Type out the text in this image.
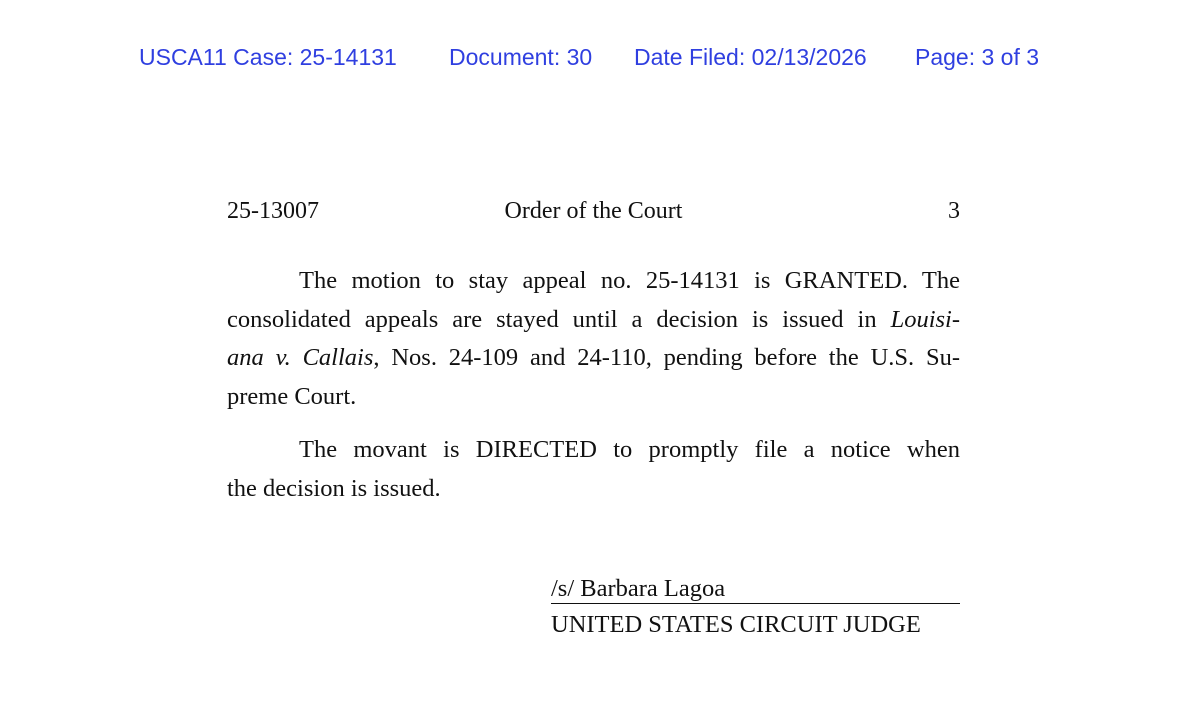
USCA11 Case: 25-14131 Document: 30 Date Filed: 02/13/2026 Page: 3 of 3
25-13007	Order of the Court	3
The motion to stay appeal no. 25-14131 is GRANTED. The
consolidated appeals are stayed until a decision is issued in Louisi-
ana v. Callais, Nos. 24-109 and 24-110, pending before the U.S. Su-
preme Court.
The movant is DIRECTED to promptly file a notice when
the decision is issued.
/s/ Barbara Lagoa
UNITED STATES CIRCUIT JUDGE
